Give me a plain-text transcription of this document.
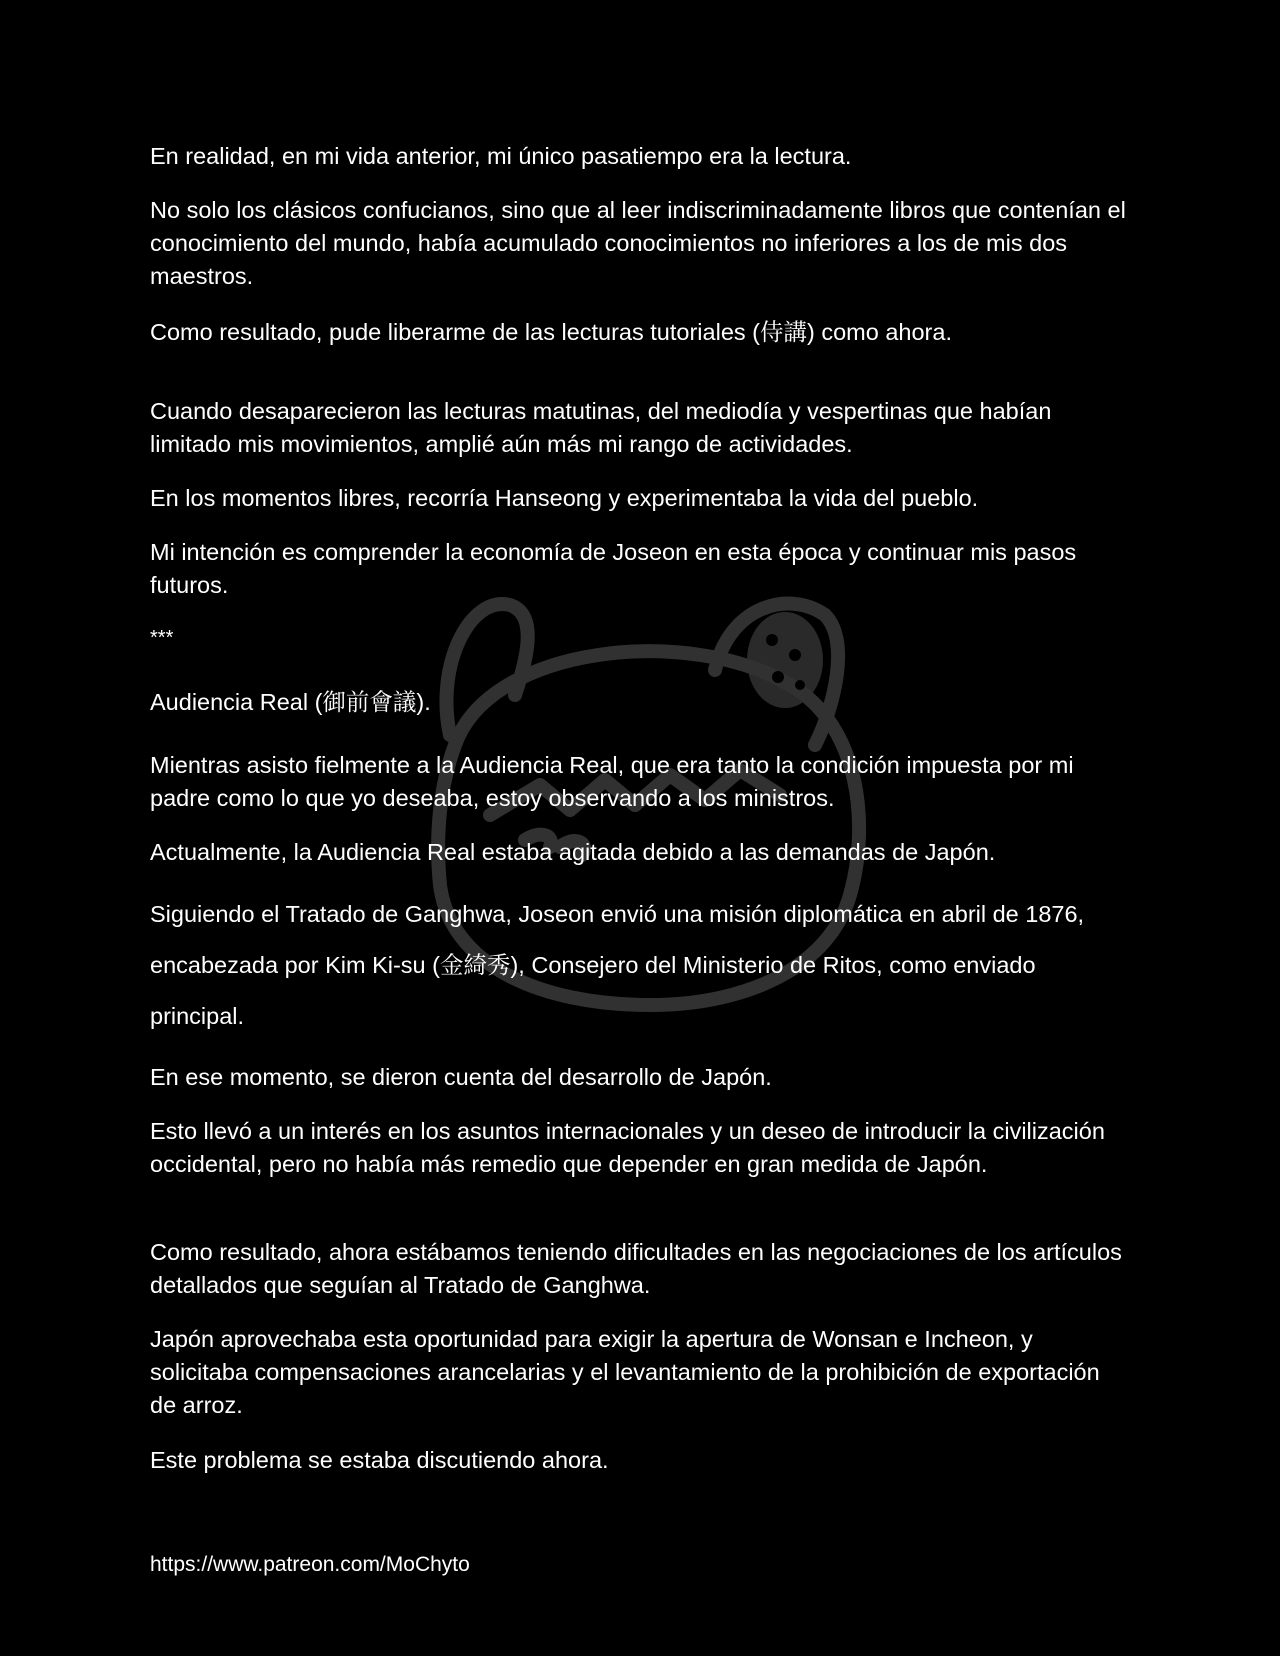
En realidad, en mi vida anterior, mi único pasatiempo era la lectura.

No solo los clásicos confucianos, sino que al leer indiscriminadamente libros que contenían el conocimiento del mundo, había acumulado conocimientos no inferiores a los de mis dos maestros.

Como resultado, pude liberarme de las lecturas tutoriales (侍講) como ahora.

Cuando desaparecieron las lecturas matutinas, del mediodía y vespertinas que habían limitado mis movimientos, amplié aún más mi rango de actividades.

En los momentos libres, recorría Hanseong y experimentaba la vida del pueblo.

Mi intención es comprender la economía de Joseon en esta época y continuar mis pasos futuros.

***

Audiencia Real (御前會議).

Mientras asisto fielmente a la Audiencia Real, que era tanto la condición impuesta por mi padre como lo que yo deseaba, estoy observando a los ministros.

Actualmente, la Audiencia Real estaba agitada debido a las demandas de Japón.

Siguiendo el Tratado de Ganghwa, Joseon envió una misión diplomática en abril de 1876, encabezada por Kim Ki-su (金綺秀), Consejero del Ministerio de Ritos, como enviado principal.

En ese momento, se dieron cuenta del desarrollo de Japón.

Esto llevó a un interés en los asuntos internacionales y un deseo de introducir la civilización occidental, pero no había más remedio que depender en gran medida de Japón.

Como resultado, ahora estábamos teniendo dificultades en las negociaciones de los artículos detallados que seguían al Tratado de Ganghwa.

Japón aprovechaba esta oportunidad para exigir la apertura de Wonsan e Incheon, y solicitaba compensaciones arancelarias y el levantamiento de la prohibición de exportación de arroz.

Este problema se estaba discutiendo ahora.

https://www.patreon.com/MoChyto
